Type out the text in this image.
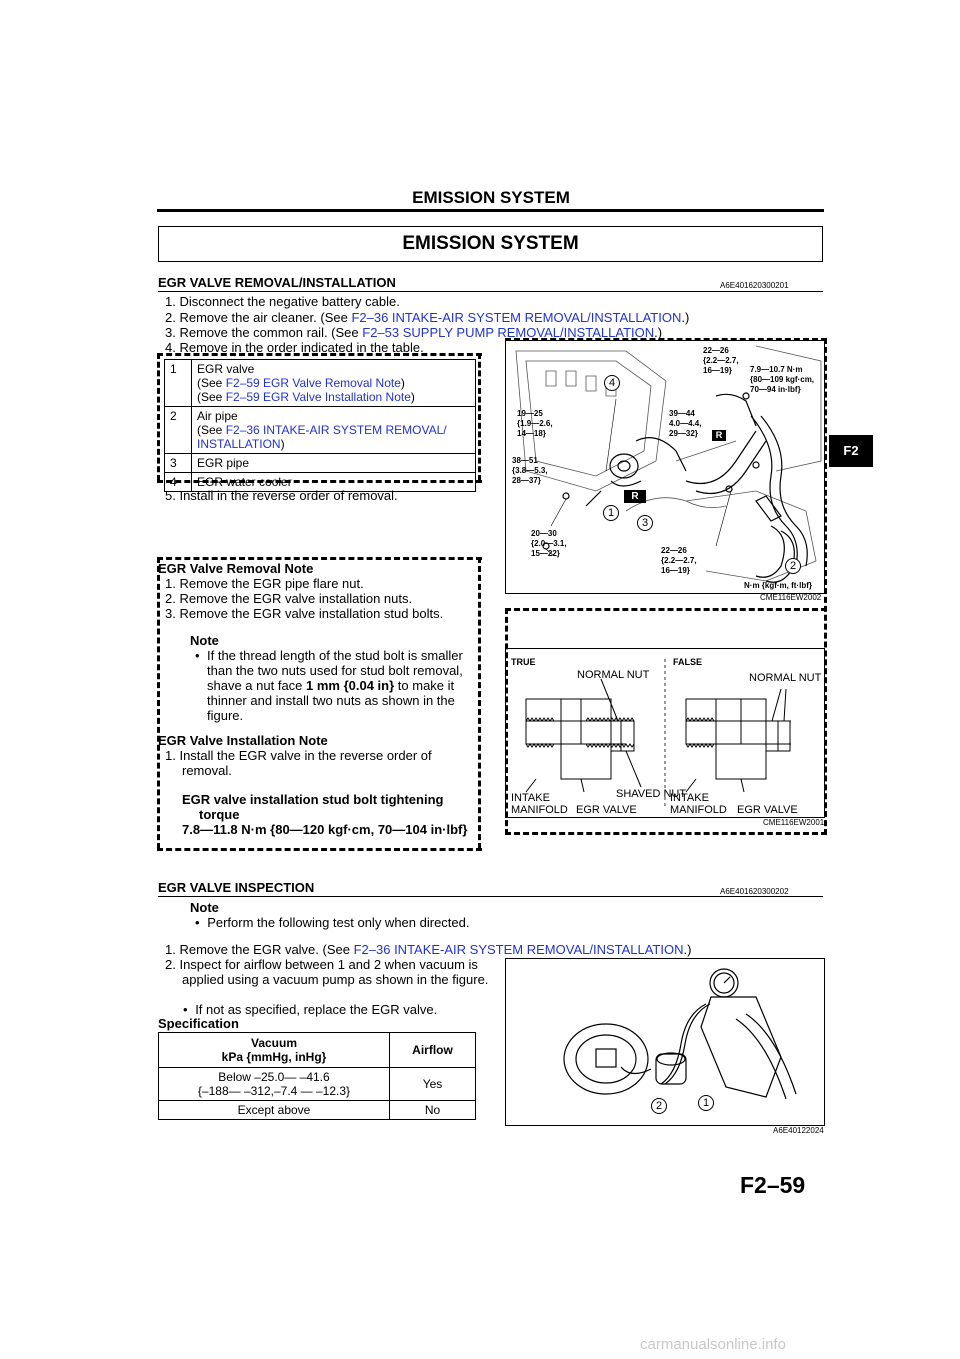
EMISSION SYSTEM
F2
EMISSION SYSTEM
EGR VALVE REMOVAL/INSTALLATION	A6E401620300201
1. Disconnect the negative battery cable.
2. Remove the air cleaner. (See F2–36 INTAKE-AIR SYSTEM REMOVAL/INSTALLATION.)
3. Remove the common rail. (See F2–53 SUPPLY PUMP REMOVAL/INSTALLATION.)
4. Remove in the order indicated in the table.
1	EGR valve
(See F2–59 EGR Valve Removal Note)
(See F2–59 EGR Valve Installation Note)

2	Air pipe
(See F2–36 INTAKE-AIR SYSTEM REMOVAL/
INSTALLATION)

3	EGR pipe
4	EGR water cooler
5. Install in the reverse order of removal.
4
1
3
2
R
R
22—26
{2.2—2.7,
16—19}	7.9—10.7 N·m
{80—109 kgf·cm,
70—94 in·lbf}
19—25
{1.9—2.6,
14—18}
39—44
4.0—4.4,
29—32}
38—51
{3.8—5.3,
28—37}
20—30
{2.0—3.1,
15—22}	22—26
{2.2—2.7,
16—19}
N·m {kgf·m, ft·lbf}
CME116EW2002
EGR Valve Removal Note
1. Remove the EGR pipe flare nut.
2. Remove the EGR valve installation nuts.
3. Remove the EGR valve installation stud bolts.
Note
• If the thread length of the stud bolt is smaller than the two nuts used for stud bolt removal, shave a nut face 1 mm {0.04 in} to make it thinner and install two nuts as shown in the figure.
EGR Valve Installation Note
1. Install the EGR valve in the reverse order of removal.
EGR valve installation stud bolt tightening torque
7.8—11.8 N·m {80—120 kgf·cm, 70—104 in·lbf}
TRUE	FALSE
NORMAL NUT	NORMAL NUT
SHAVED NUT
INTAKE
MANIFOLD EGR VALVE
INTAKE
MANIFOLD EGR VALVE
CME116EW2001
EGR VALVE INSPECTION	A6E401620300202
Note
• Perform the following test only when directed.
1. Remove the EGR valve. (See F2–36 INTAKE-AIR SYSTEM REMOVAL/INSTALLATION.)
2. Inspect for airflow between 1 and 2 when vacuum is applied using a vacuum pump as shown in the figure.
• If not as specified, replace the EGR valve.
Specification
Vacuum
kPa {mmHg, inHg}	Airflow

Below –25.0— –41.6
{–188— –312,–7.4 — –12.3}	Yes
Except above	No	2	1
A6E40122024
F2–59
carmanualsonline.info
